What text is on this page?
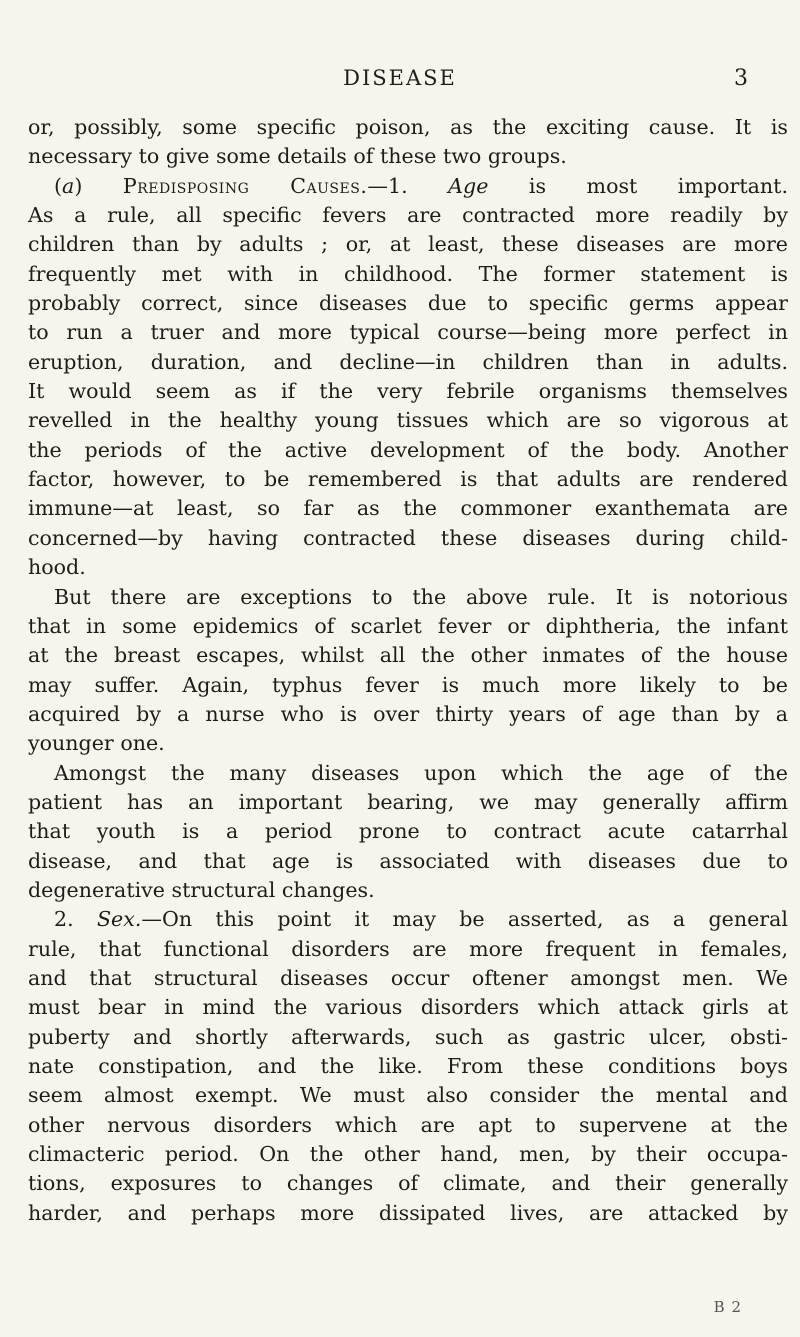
DISEASE	3
or, possibly, some specific poison, as the exciting cause. It is
necessary to give some details of these two groups.
(a) Predisposing Causes.—1. Age is most important.
As a rule, all specific fevers are contracted more readily by
children than by adults ; or, at least, these diseases are more
frequently met with in childhood. The former statement is
probably correct, since diseases due to specific germs appear
to run a truer and more typical course—being more perfect in
eruption, duration, and decline—in children than in adults.
It would seem as if the very febrile organisms themselves
revelled in the healthy young tissues which are so vigorous at
the periods of the active development of the body. Another
factor, however, to be remembered is that adults are rendered
immune—at least, so far as the commoner exanthemata are
concerned—by having contracted these diseases during child-
hood.
But there are exceptions to the above rule. It is notorious
that in some epidemics of scarlet fever or diphtheria, the infant
at the breast escapes, whilst all the other inmates of the house
may suffer. Again, typhus fever is much more likely to be
acquired by a nurse who is over thirty years of age than by a
younger one.
Amongst the many diseases upon which the age of the
patient has an important bearing, we may generally affirm
that youth is a period prone to contract acute catarrhal
disease, and that age is associated with diseases due to
degenerative structural changes.
2. Sex.—On this point it may be asserted, as a general
rule, that functional disorders are more frequent in females,
and that structural diseases occur oftener amongst men. We
must bear in mind the various disorders which attack girls at
puberty and shortly afterwards, such as gastric ulcer, obsti-
nate constipation, and the like. From these conditions boys
seem almost exempt. We must also consider the mental and
other nervous disorders which are apt to supervene at the
climacteric period. On the other hand, men, by their occupa-
tions, exposures to changes of climate, and their generally
harder, and perhaps more dissipated lives, are attacked by
B 2
